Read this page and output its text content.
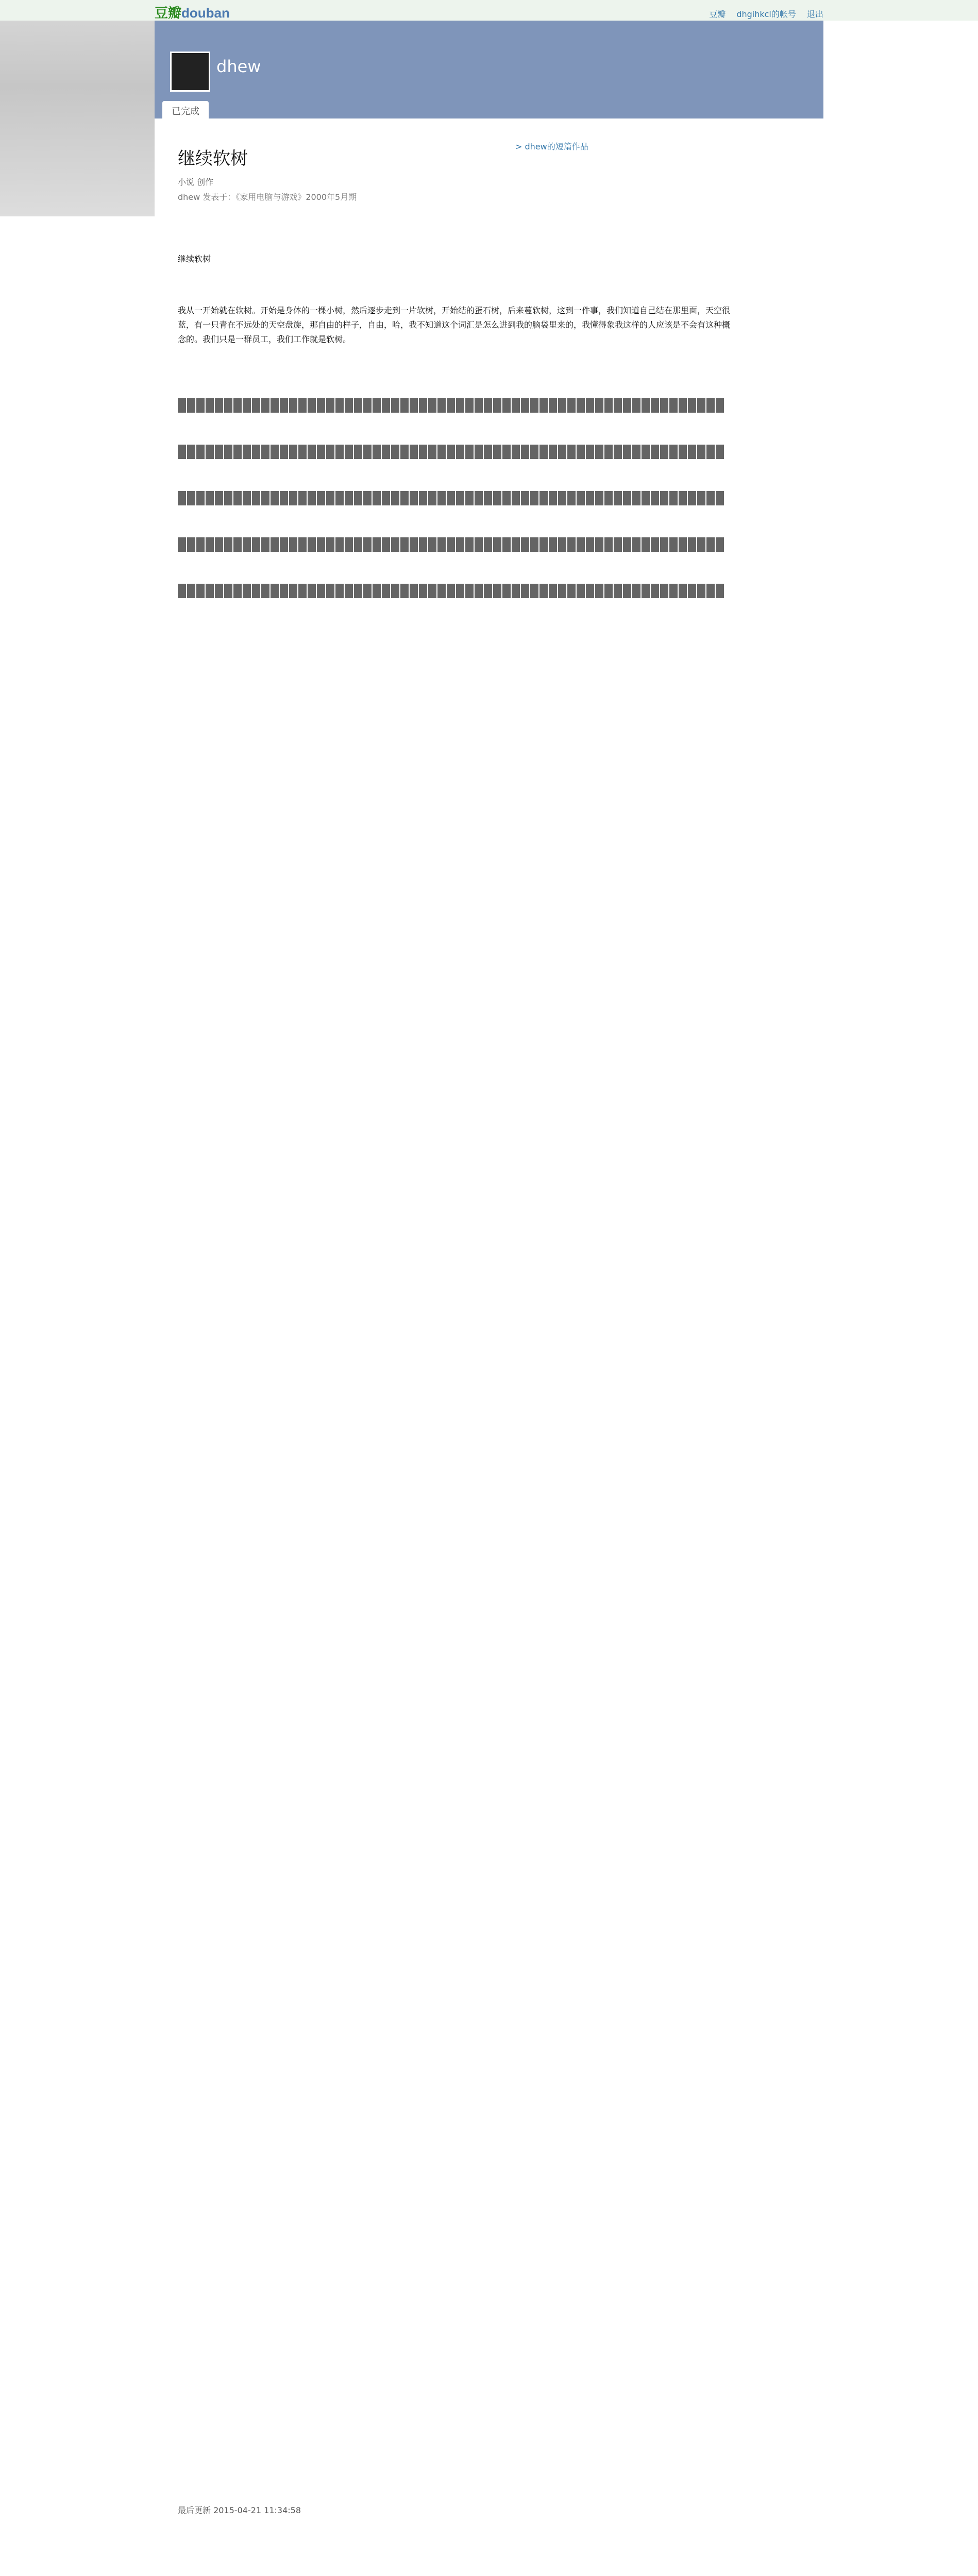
豆瓣douban	豆瓣 dhgihkcl的帐号 退出
dhew
已完成
> dhew的短篇作品
继续软树
小说 创作
dhew 发表于：《家用电脑与游戏》2000年5月期

继续软树

我从一开始就在软树。开始是身体的一棵小树，然后逐步走到一片软树，开始结的蛋石树，后来蔓软树，这到一件事，我们知道自己结在那里面，天空很蓝，有一只青在不远处的天空盘旋，那自由的样子，自由，哈，我不知道这个词汇是怎么进到我的脑袋里来的，我懂得象我这样的人应该是不会有这种概念的。我们只是一群员工，我们工作就是软树。

最后更新 2015-04-21 11:34:58
